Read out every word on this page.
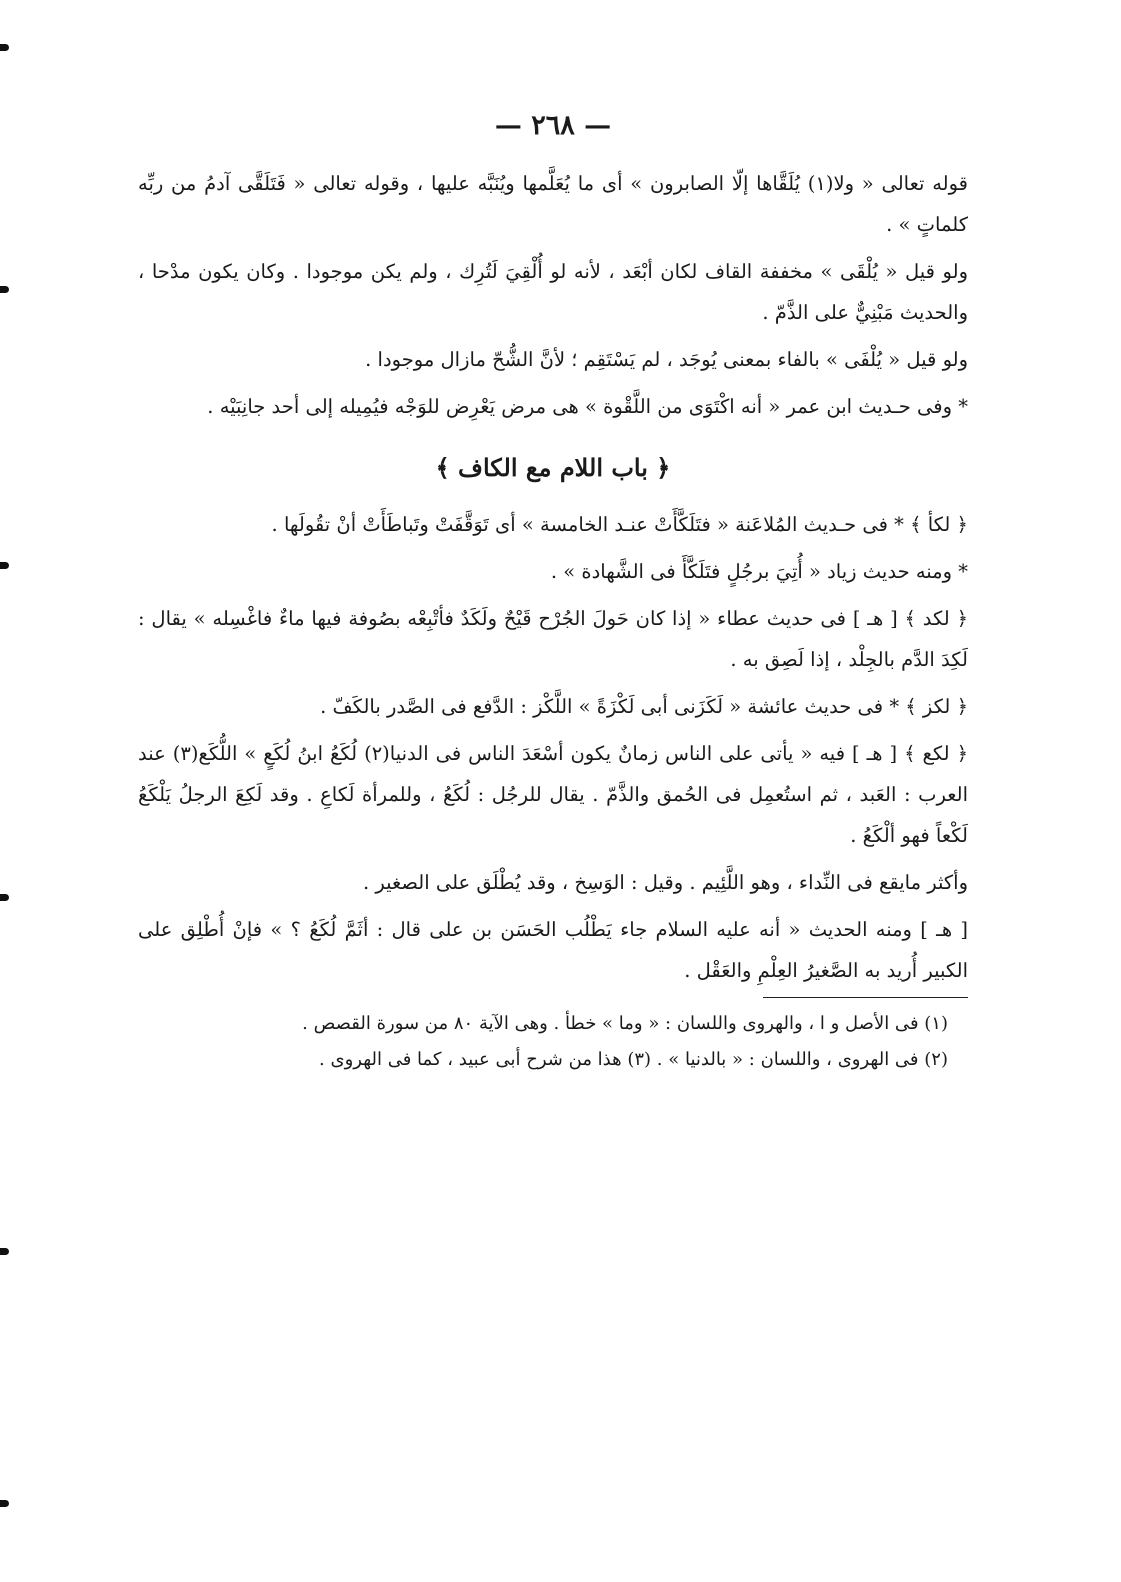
— ٢٦٨ —

قوله تعالى « ولا(١) يُلَقَّاها إلّا الصابرون » أى ما يُعَلَّمها ويُنَبَّه عليها ، وقوله تعالى « فَتَلَقَّى آدمُ من ربِّه كلماتٍ » .

ولو قيل « يُلْقَى » مخففة القاف لكان أبْعَد ، لأنه لو أُلْقِيَ لَتُرِك ، ولم يكن موجودا . وكان يكون مدْحا ، والحديث مَبْنِيٌّ على الذَّمّ .

ولو قيل « يُلْفَى » بالفاء بمعنى يُوجَد ، لم يَسْتَقِم ؛ لأنَّ الشُّحّ مازال موجودا .

* وفى حـديث ابن عمر « أنه اكْتَوَى من اللَّقْوة » هى مرض يَعْرِض للوَجْه فيُمِيله إلى أحد جانِبَيْه .

﴿ باب اللام مع الكاف ﴾

﴿ لكأ ﴾ * فى حـديث المُلاعَنة « فتَلَكَّأَتْ عنـد الخامسة » أى تَوَقَّفَتْ وتَباطَأَتْ أنْ تقُولَها .

* ومنه حديث زياد « أُتِيَ برجُلٍ فتَلَكَّأَ فى الشَّهادة » .

﴿ لكد ﴾ [ هـ ] فى حديث عطاء « إذا كان حَولَ الجُرْح قَيْحٌ ولَكَدٌ فأتْبِعْه بصُوفة فيها ماءٌ فاغْسِله » يقال : لَكِدَ الدَّم بالجِلْد ، إذا لَصِق به .

﴿ لكز ﴾ * فى حديث عائشة « لَكَزَنى أبى لَكْزَةً » اللَّكْز : الدَّفع فى الصَّدر بالكَفّ .

﴿ لكع ﴾ [ هـ ] فيه « يأتى على الناس زمانٌ يكون أسْعَدَ الناس فى الدنيا(٢) لُكَعُ ابنُ لُكَعٍ » اللُّكَع(٣) عند العرب : العَبد ، ثم استُعمِل فى الحُمق والذَّمّ . يقال للرجُل : لُكَعُ ، وللمرأة لَكاعِ . وقد لَكِعَ الرجلُ يَلْكَعُ لَكْعاً فهو ألْكَعُ .

وأكثر مايقع فى النِّداء ، وهو اللَّئِيم . وقيل : الوَسِخ ، وقد يُطْلَق على الصغير .

[ هـ ] ومنه الحديث « أنه عليه السلام جاء يَطْلُب الحَسَن بن على قال : أثَمَّ لُكَعُ ؟ » فإنْ أُطْلِق على الكبير أُريد به الصَّغيرُ العِلْمِ والعَقْل .

(١) فى الأصل و ا ، والهروى واللسان : « وما » خطأ . وهى الآية ٨٠ من سورة القصص .

(٢) فى الهروى ، واللسان : « بالدنيا » . (٣) هذا من شرح أبى عبيد ، كما فى الهروى .
